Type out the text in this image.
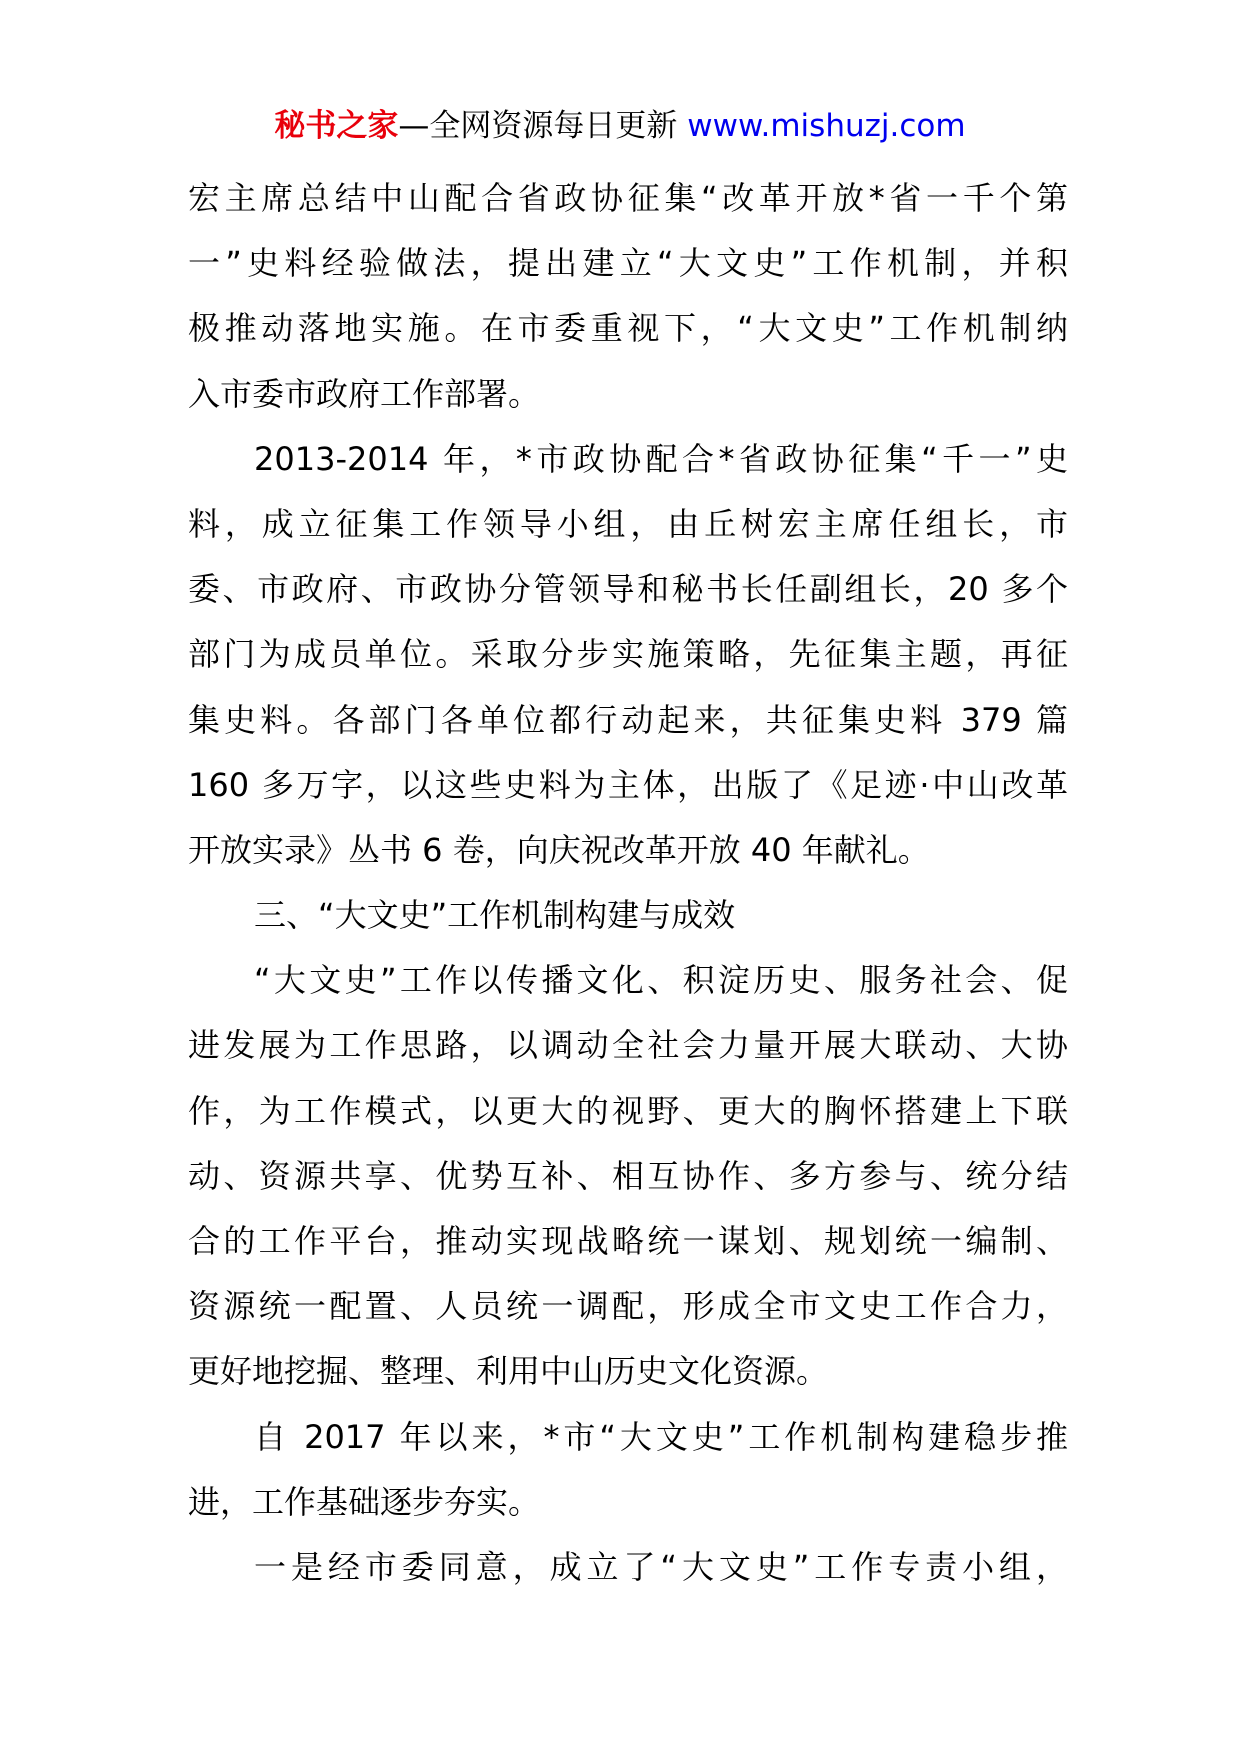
秘书之家—全网资源每日更新 www.mishuzj.com
宏主席总结中山配合省政协征集“改革开放*省一千个第
一”史料经验做法，提出建立“大文史”工作机制，并积
极推动落地实施。在市委重视下，“大文史”工作机制纳
入市委市政府工作部署。
2013-2014 年，*市政协配合*省政协征集“千一”史
料，成立征集工作领导小组，由丘树宏主席任组长，市
委、市政府、市政协分管领导和秘书长任副组长，20 多个
部门为成员单位。采取分步实施策略，先征集主题，再征
集史料。各部门各单位都行动起来，共征集史料 379 篇
160 多万字，以这些史料为主体，出版了《足迹·中山改革
开放实录》丛书 6 卷，向庆祝改革开放 40 年献礼。
三、“大文史”工作机制构建与成效
“大文史”工作以传播文化、积淀历史、服务社会、促
进发展为工作思路，以调动全社会力量开展大联动、大协
作，为工作模式，以更大的视野、更大的胸怀搭建上下联
动、资源共享、优势互补、相互协作、多方参与、统分结
合的工作平台，推动实现战略统一谋划、规划统一编制、
资源统一配置、人员统一调配，形成全市文史工作合力，
更好地挖掘、整理、利用中山历史文化资源。
自 2017 年以来，*市“大文史”工作机制构建稳步推
进，工作基础逐步夯实。
一是经市委同意，成立了“大文史”工作专责小组，
